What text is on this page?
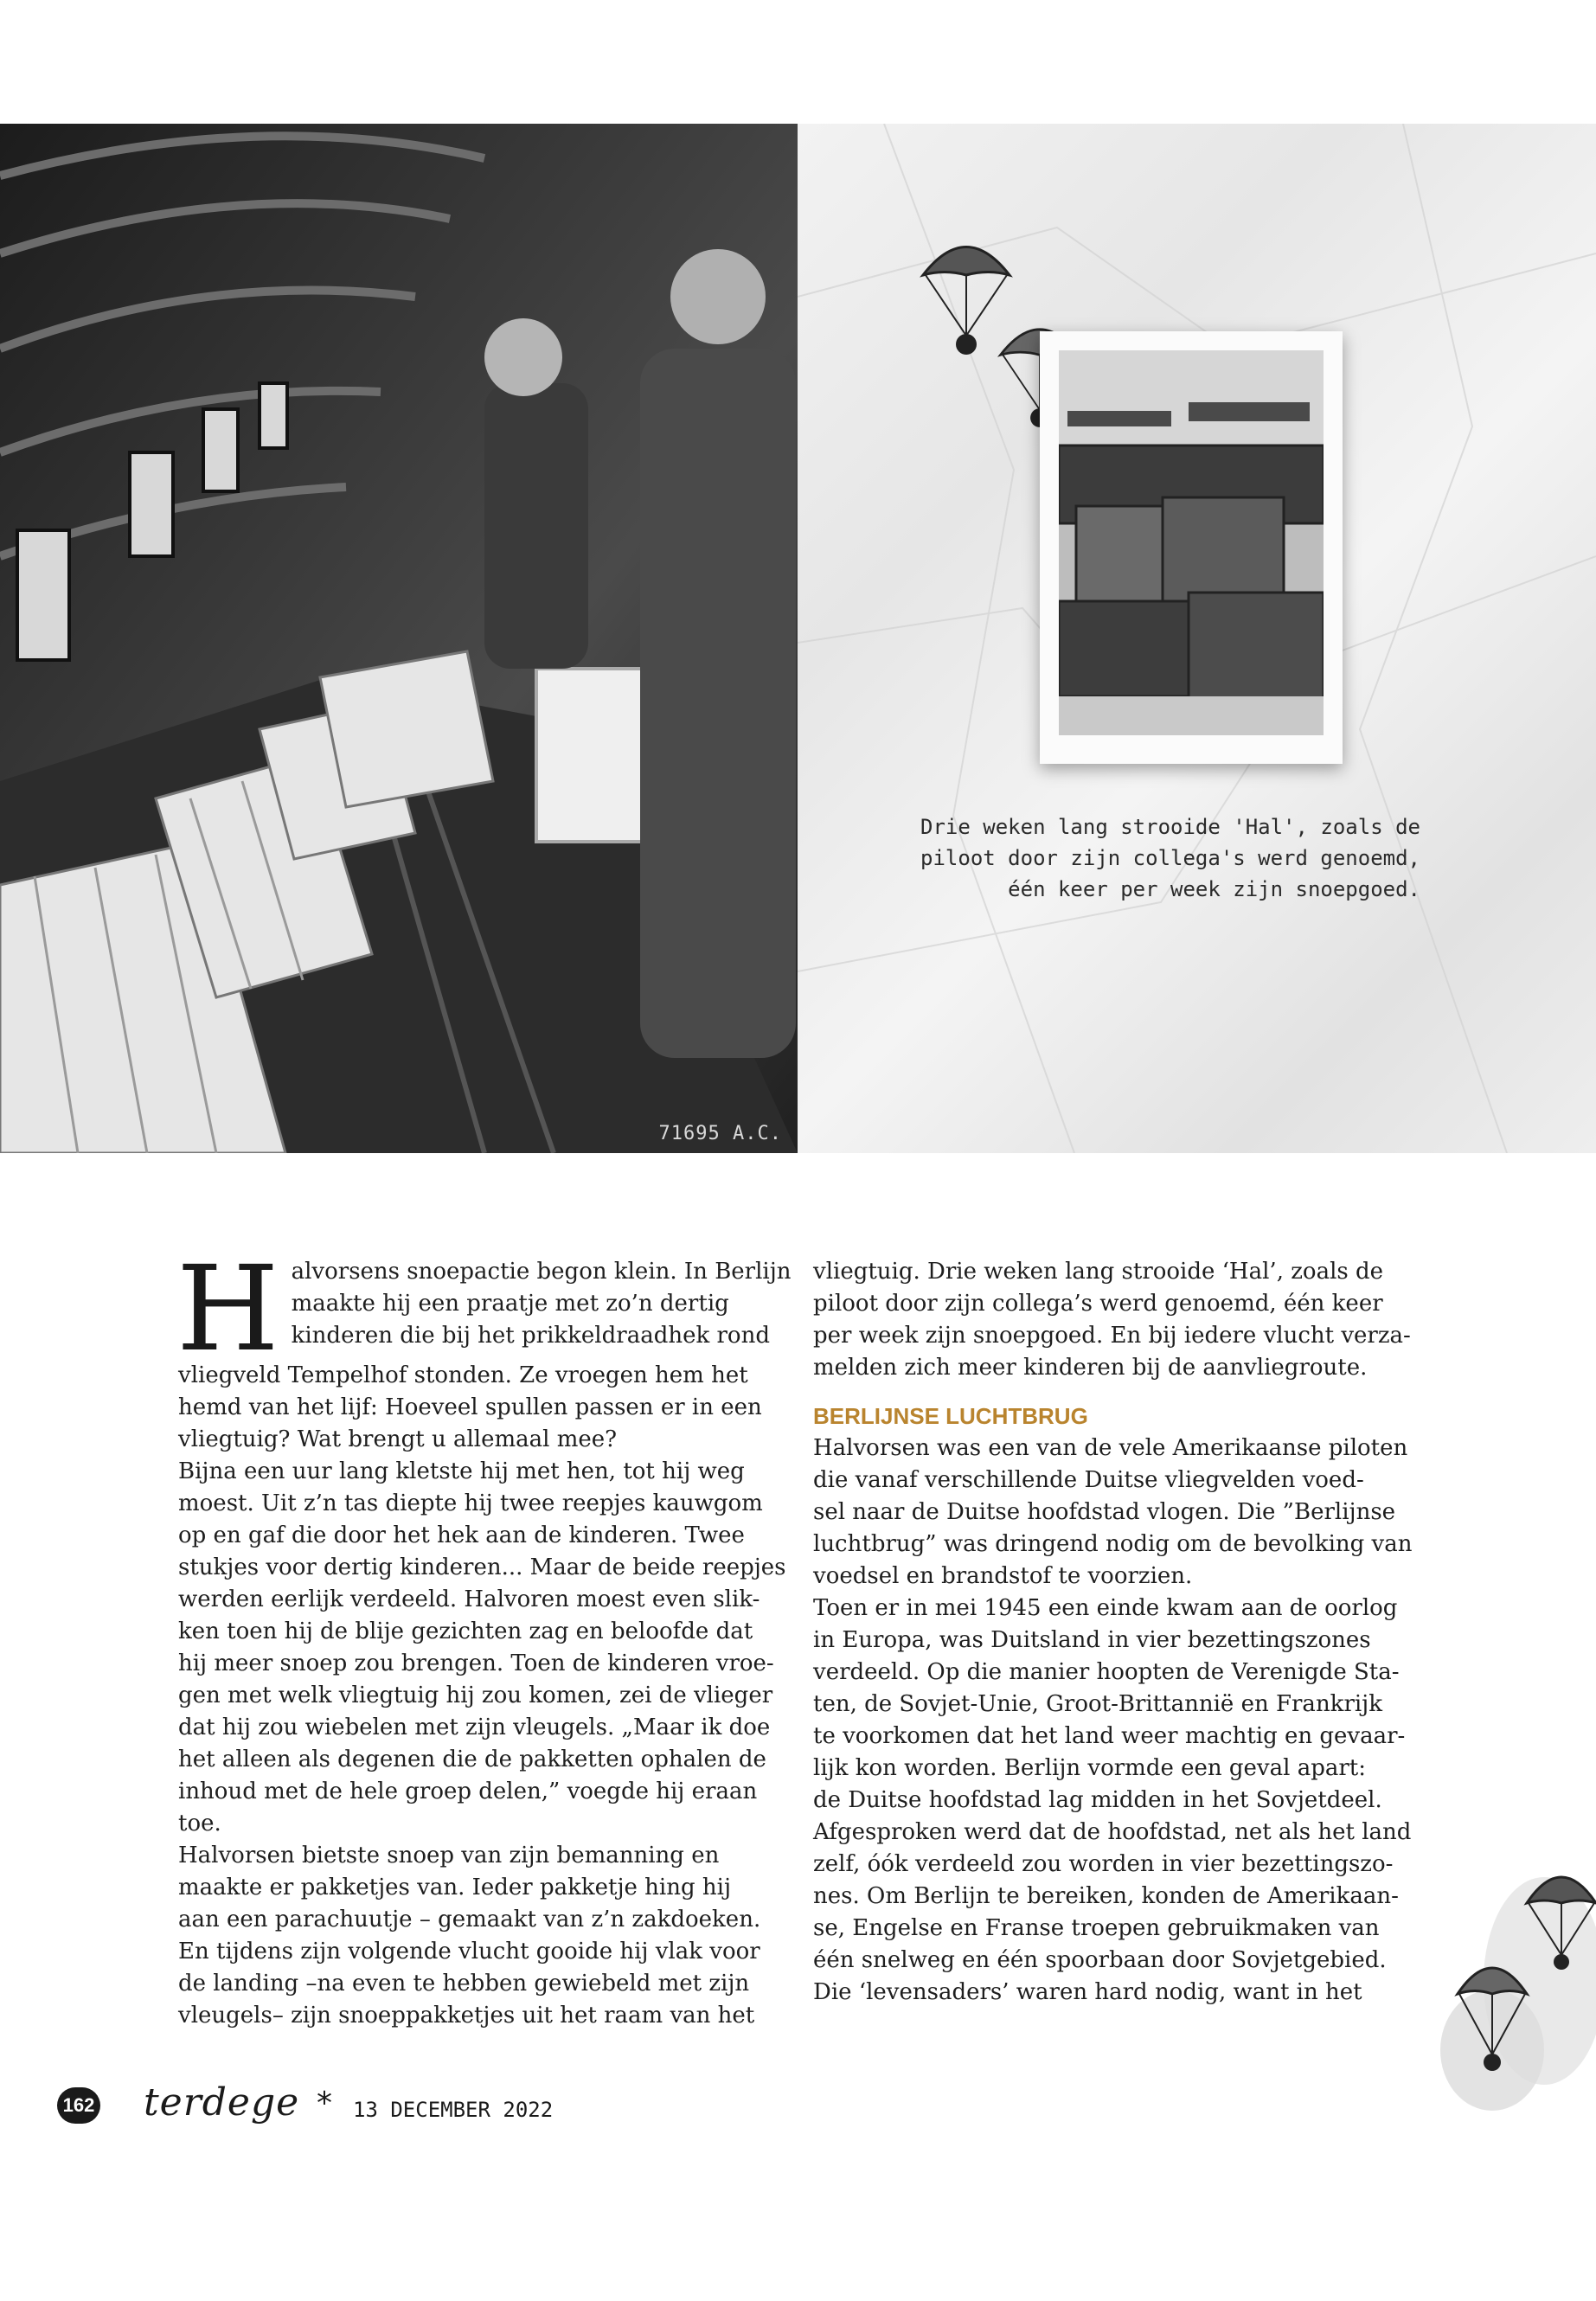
71695 A.C.
Drie weken lang strooide 'Hal', zoals de
piloot door zijn collega's werd genoemd,
één keer per week zijn snoepgoed.
H alvorsens snoepactie begon klein. In Berlijn
maakte hij een praatje met zo’n dertig
kinderen die bij het prikkeldraadhek rond
vliegveld Tempelhof stonden. Ze vroegen hem het
hemd van het lijf: Hoeveel spullen passen er in een
vliegtuig? Wat brengt u allemaal mee?
Bijna een uur lang kletste hij met hen, tot hij weg
moest. Uit z’n tas diepte hij twee reepjes kauwgom
op en gaf die door het hek aan de kinderen. Twee
stukjes voor dertig kinderen... Maar de beide reepjes
werden eerlijk verdeeld. Halvoren moest even slik-
ken toen hij de blije gezichten zag en beloofde dat
hij meer snoep zou brengen. Toen de kinderen vroe-
gen met welk vliegtuig hij zou komen, zei de vlieger
dat hij zou wiebelen met zijn vleugels. „Maar ik doe
het alleen als degenen die de pakketten ophalen de
inhoud met de hele groep delen,” voegde hij eraan
toe.
Halvorsen bietste snoep van zijn bemanning en
maakte er pakketjes van. Ieder pakketje hing hij
aan een parachuutje – gemaakt van z’n zakdoeken.
En tijdens zijn volgende vlucht gooide hij vlak voor
de landing –na even te hebben gewiebeld met zijn
vleugels– zijn snoeppakketjes uit het raam van het
vliegtuig. Drie weken lang strooide ‘Hal’, zoals de
piloot door zijn collega’s werd genoemd, één keer
per week zijn snoepgoed. En bij iedere vlucht verza-
melden zich meer kinderen bij de aanvliegroute.
BERLIJNSE LUCHTBRUG
Halvorsen was een van de vele Amerikaanse piloten
die vanaf verschillende Duitse vliegvelden voed-
sel naar de Duitse hoofdstad vlogen. Die ”Berlijnse
luchtbrug” was dringend nodig om de bevolking van
voedsel en brandstof te voorzien.
Toen er in mei 1945 een einde kwam aan de oorlog
in Europa, was Duitsland in vier bezettingszones
verdeeld. Op die manier hoopten de Verenigde Sta-
ten, de Sovjet-Unie, Groot-Brittannië en Frankrijk
te voorkomen dat het land weer machtig en gevaar-
lijk kon worden. Berlijn vormde een geval apart:
de Duitse hoofdstad lag midden in het Sovjetdeel.
Afgesproken werd dat de hoofdstad, net als het land
zelf, óók verdeeld zou worden in vier bezettingszo-
nes. Om Berlijn te bereiken, konden de Amerikaan-
se, Engelse en Franse troepen gebruikmaken van
één snelweg en één spoorbaan door Sovjetgebied.
Die ‘levensaders’ waren hard nodig, want in het
162 terdege * 13 DECEMBER 2022
